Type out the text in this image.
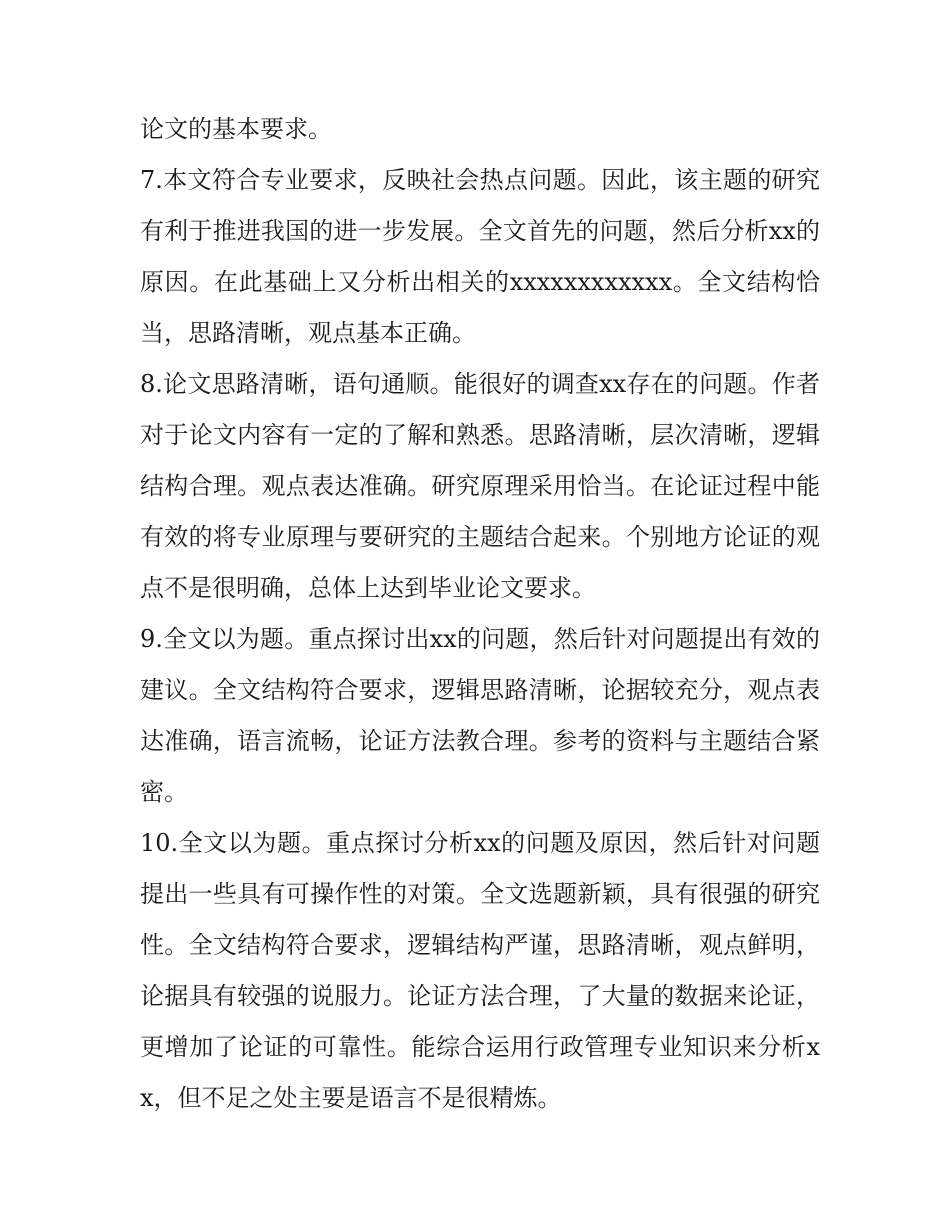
论文的基本要求。

7.本文符合专业要求，反映社会热点问题。因此，该主题的研究有利于推进我国的进一步发展。全文首先的问题，然后分析xx的原因。在此基础上又分析出相关的xxxxxxxxxxxx。全文结构恰当，思路清晰，观点基本正确。

8.论文思路清晰，语句通顺。能很好的调查xx存在的问题。作者对于论文内容有一定的了解和熟悉。思路清晰，层次清晰，逻辑结构合理。观点表达准确。研究原理采用恰当。在论证过程中能有效的将专业原理与要研究的主题结合起来。个别地方论证的观点不是很明确，总体上达到毕业论文要求。

9.全文以为题。重点探讨出xx的问题，然后针对问题提出有效的建议。全文结构符合要求，逻辑思路清晰，论据较充分，观点表达准确，语言流畅，论证方法教合理。参考的资料与主题结合紧密。

10.全文以为题。重点探讨分析xx的问题及原因，然后针对问题提出一些具有可操作性的对策。全文选题新颖，具有很强的研究性。全文结构符合要求，逻辑结构严谨，思路清晰，观点鲜明，论据具有较强的说服力。论证方法合理，了大量的数据来论证，更增加了论证的可靠性。能综合运用行政管理专业知识来分析xx，但不足之处主要是语言不是很精炼。
